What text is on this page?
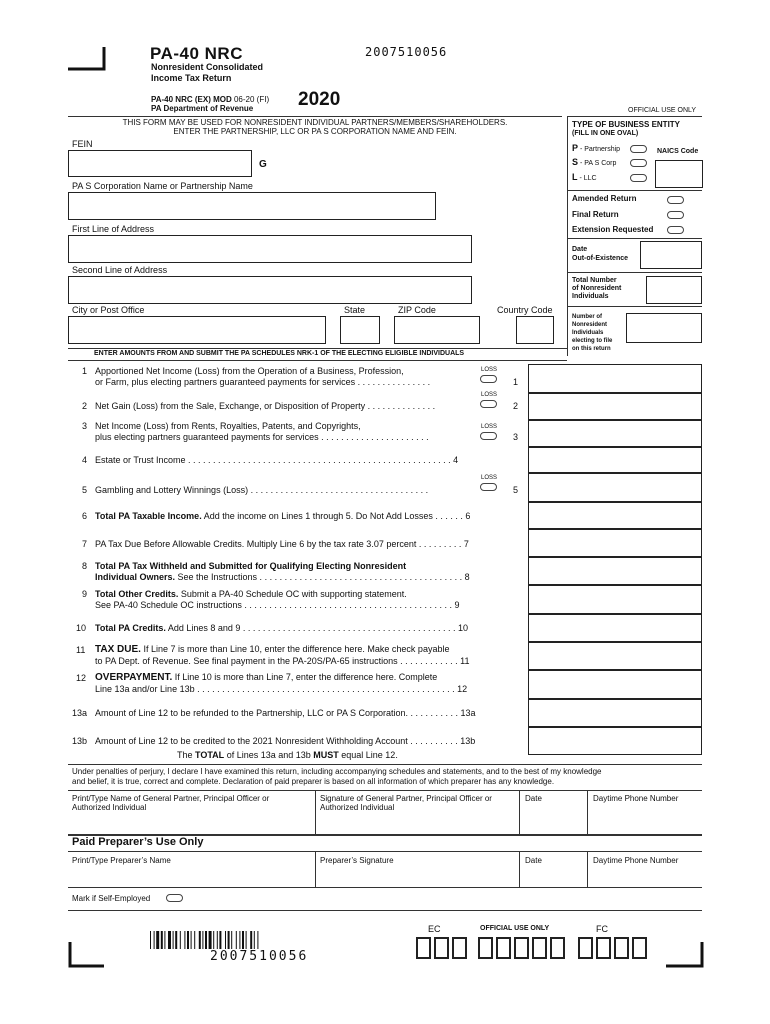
PA-40 NRC
Nonresident Consolidated
Income Tax Return
2007510056
PA-40 NRC (EX) MOD 06-20 (FI)
PA Department of Revenue 2020
OFFICIAL USE ONLY
THIS FORM MAY BE USED FOR NONRESIDENT INDIVIDUAL PARTNERS/MEMBERS/SHAREHOLDERS.
ENTER THE PARTNERSHIP, LLC OR PA S CORPORATION NAME AND FEIN.
FEIN
G
PA S Corporation Name or Partnership Name
First Line of Address
Second Line of Address
City or Post Office	State	ZIP Code	Country Code
TYPE OF BUSINESS ENTITY
(FILL IN ONE OVAL)
P - Partnership
S - PA S Corp
L - LLC
NAICS Code
Amended Return
Final Return
Extension Requested
Date
Out-of-Existence
Total Number
of Nonresident
Individuals
Number of
Nonresident
Individuals
electing to file
on this return
ENTER AMOUNTS FROM AND SUBMIT THE PA SCHEDULES NRK-1 OF THE ELECTING ELIGIBLE INDIVIDUALS
1 Apportioned Net Income (Loss) from the Operation of a Business, Profession,
or Farm, plus electing partners guaranteed payments for services . . . . . . . . . . . . . . .
LOSS
1
LOSS
2 Net Gain (Loss) from the Sale, Exchange, or Disposition of Property . . . . . . . . . . . . . .	2
3 Net Income (Loss) from Rents, Royalties, Patents, and Copyrights,
plus electing partners guaranteed payments for services . . . . . . . . . . . . . . . . . . . . . .
LOSS
3
4 Estate or Trust Income . . . . . . . . . . . . . . . . . . . . . . . . . . . . . . . . . . . . . . . . . . . . . . . . . . . . . 4
LOSS
5 Gambling and Lottery Winnings (Loss) . . . . . . . . . . . . . . . . . . . . . . . . . . . . . . . . . . . .	5
6 Total PA Taxable Income. Add the income on Lines 1 through 5. Do Not Add Losses . . . . . . 6
7 PA Tax Due Before Allowable Credits. Multiply Line 6 by the tax rate 3.07 percent . . . . . . . . . 7
8 Total PA Tax Withheld and Submitted for Qualifying Electing Nonresident
Individual Owners. See the Instructions . . . . . . . . . . . . . . . . . . . . . . . . . . . . . . . . . . . . . . . . . 8
9 Total Other Credits. Submit a PA-40 Schedule OC with supporting statement.
See PA-40 Schedule OC instructions . . . . . . . . . . . . . . . . . . . . . . . . . . . . . . . . . . . . . . . . . . 9
10 Total PA Credits. Add Lines 8 and 9 . . . . . . . . . . . . . . . . . . . . . . . . . . . . . . . . . . . . . . . . . . . 10
11 TAX DUE. If Line 7 is more than Line 10, enter the difference here. Make check payable
to PA Dept. of Revenue. See final payment in the PA-20S/PA-65 instructions . . . . . . . . . . . . 11
12 OVERPAYMENT. If Line 10 is more than Line 7, enter the difference here. Complete
Line 13a and/or Line 13b . . . . . . . . . . . . . . . . . . . . . . . . . . . . . . . . . . . . . . . . . . . . . . . . . . . . 12
13a Amount of Line 12 to be refunded to the Partnership, LLC or PA S Corporation. . . . . . . . . . . 13a
13b Amount of Line 12 to be credited to the 2021 Nonresident Withholding Account . . . . . . . . . . 13b
The TOTAL of Lines 13a and 13b MUST equal Line 12.
Under penalties of perjury, I declare I have examined this return, including accompanying schedules and statements, and to the best of my knowledge
and belief, it is true, correct and complete. Declaration of paid preparer is based on all information of which preparer has any knowledge.
Print/Type Name of General Partner, Principal Officer or
Authorized Individual
Signature of General Partner, Principal Officer or
Authorized Individual
Date	Daytime Phone Number
Paid Preparer’s Use Only
Print/Type Preparer’s Name	Preparer’s Signature	Date	Daytime Phone Number
Mark if Self-Employed
2007510056
EC	OFFICIAL USE ONLY	FC
